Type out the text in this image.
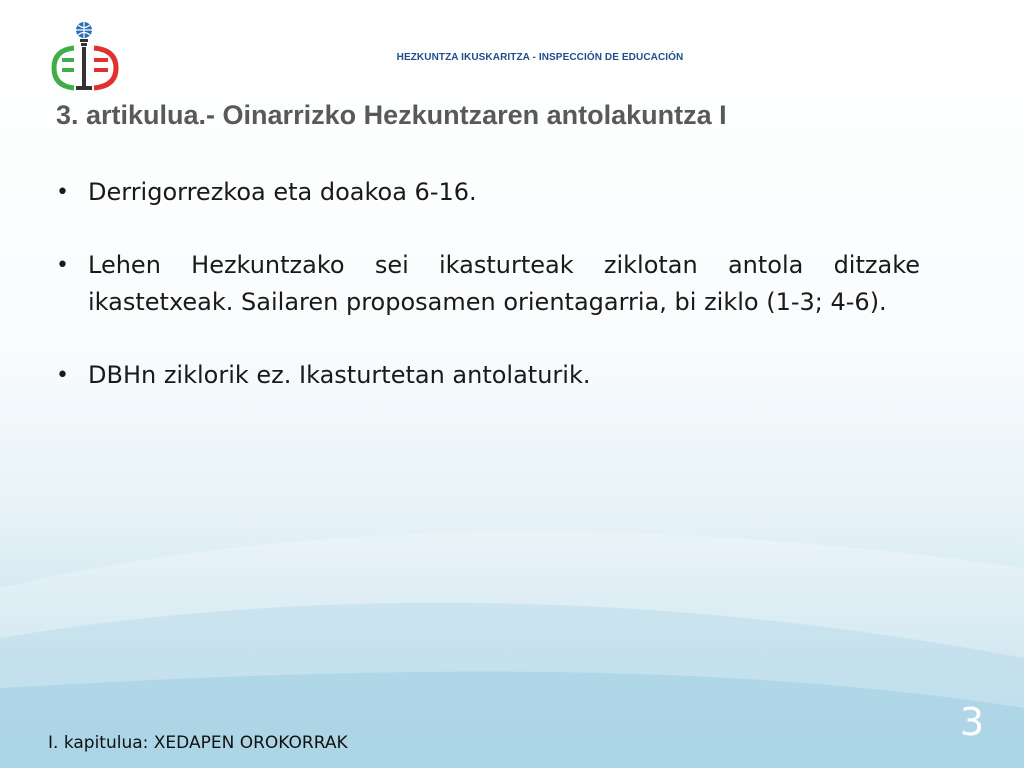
HEZKUNTZA IKUSKARITZA - INSPECCIÓN DE EDUCACIÓN
3. artikulua.- Oinarrizko Hezkuntzaren antolakuntza I
• Derrigorrezkoa eta doakoa 6-16.
• Lehen Hezkuntzako sei ikasturteak ziklotan antola ditzake ikastetxeak. Sailaren proposamen orientagarria, bi ziklo (1-3; 4-6).
• DBHn ziklorik ez. Ikasturtetan antolaturik.
I. kapitulua: XEDAPEN OROKORRAK	3
